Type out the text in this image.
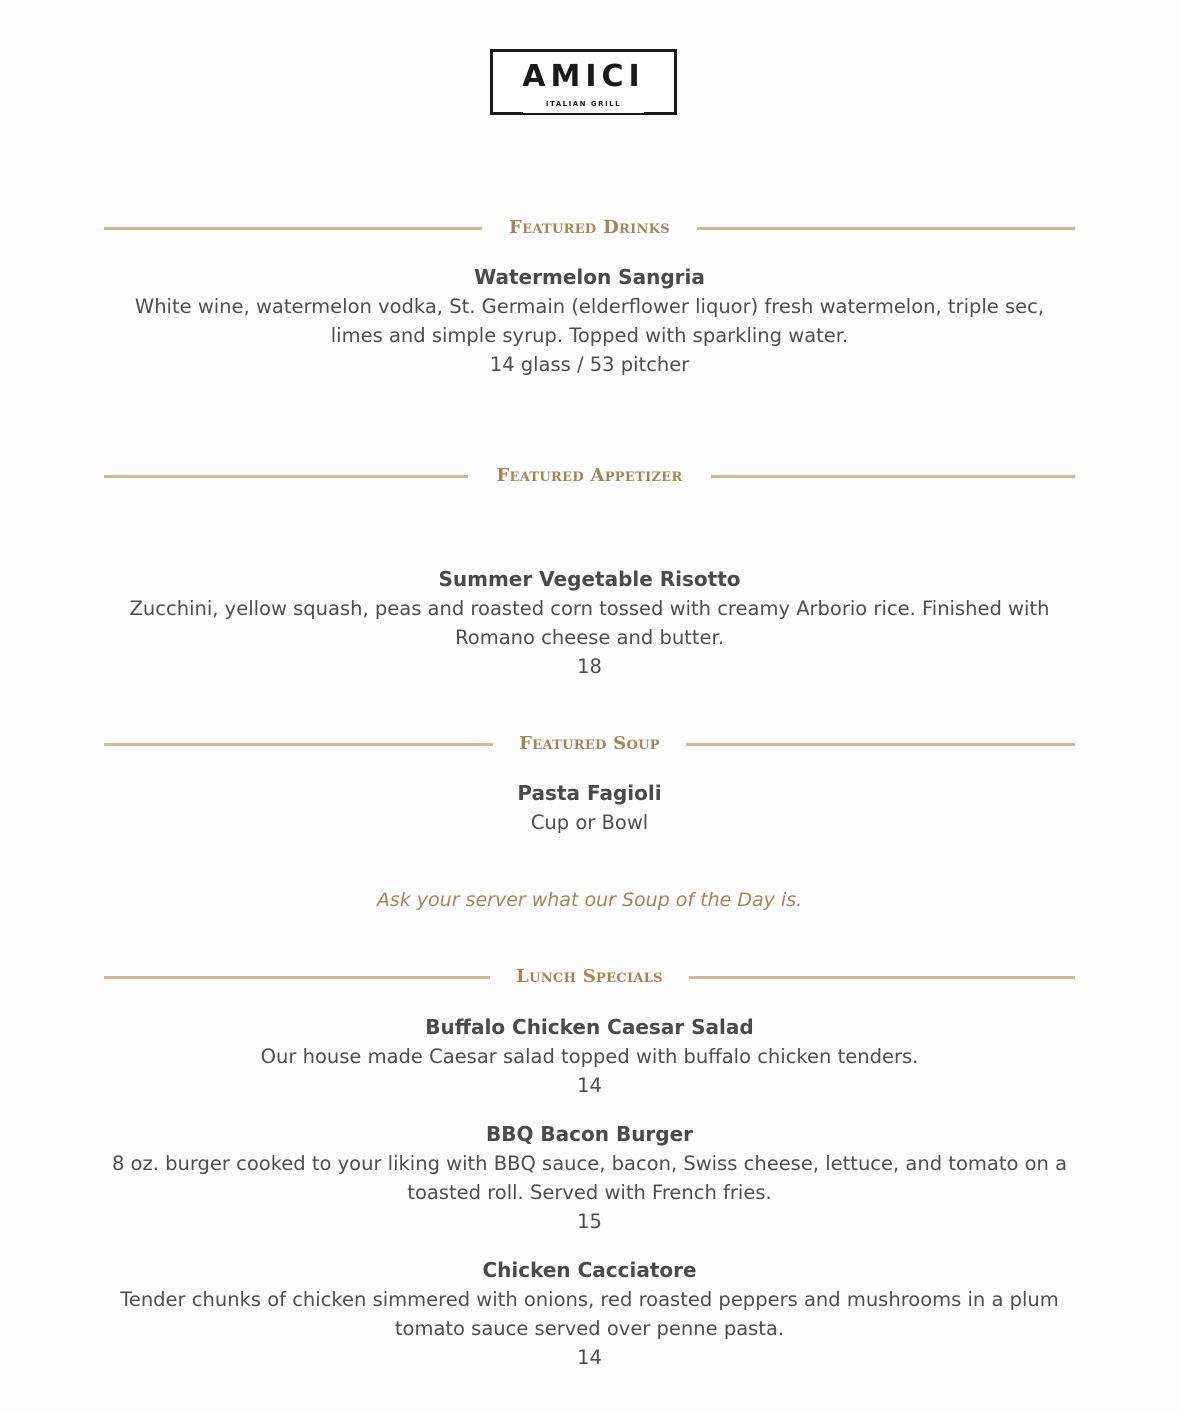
AMICI
ITALIAN GRILL
Featured Drinks
Watermelon Sangria
White wine, watermelon vodka, St. Germain (elderflower liquor) fresh watermelon, triple sec, limes and simple syrup. Topped with sparkling water.
14 glass / 53 pitcher
Featured Appetizer
Summer Vegetable Risotto
Zucchini, yellow squash, peas and roasted corn tossed with creamy Arborio rice. Finished with Romano cheese and butter.
18
Featured Soup
Pasta Fagioli
Cup or Bowl
Ask your server what our Soup of the Day is.
Lunch Specials
Buffalo Chicken Caesar Salad
Our house made Caesar salad topped with buffalo chicken tenders.
14
BBQ Bacon Burger
8 oz. burger cooked to your liking with BBQ sauce, bacon, Swiss cheese, lettuce, and tomato on a toasted roll. Served with French fries.
15
Chicken Cacciatore
Tender chunks of chicken simmered with onions, red roasted peppers and mushrooms in a plum tomato sauce served over penne pasta.
14
